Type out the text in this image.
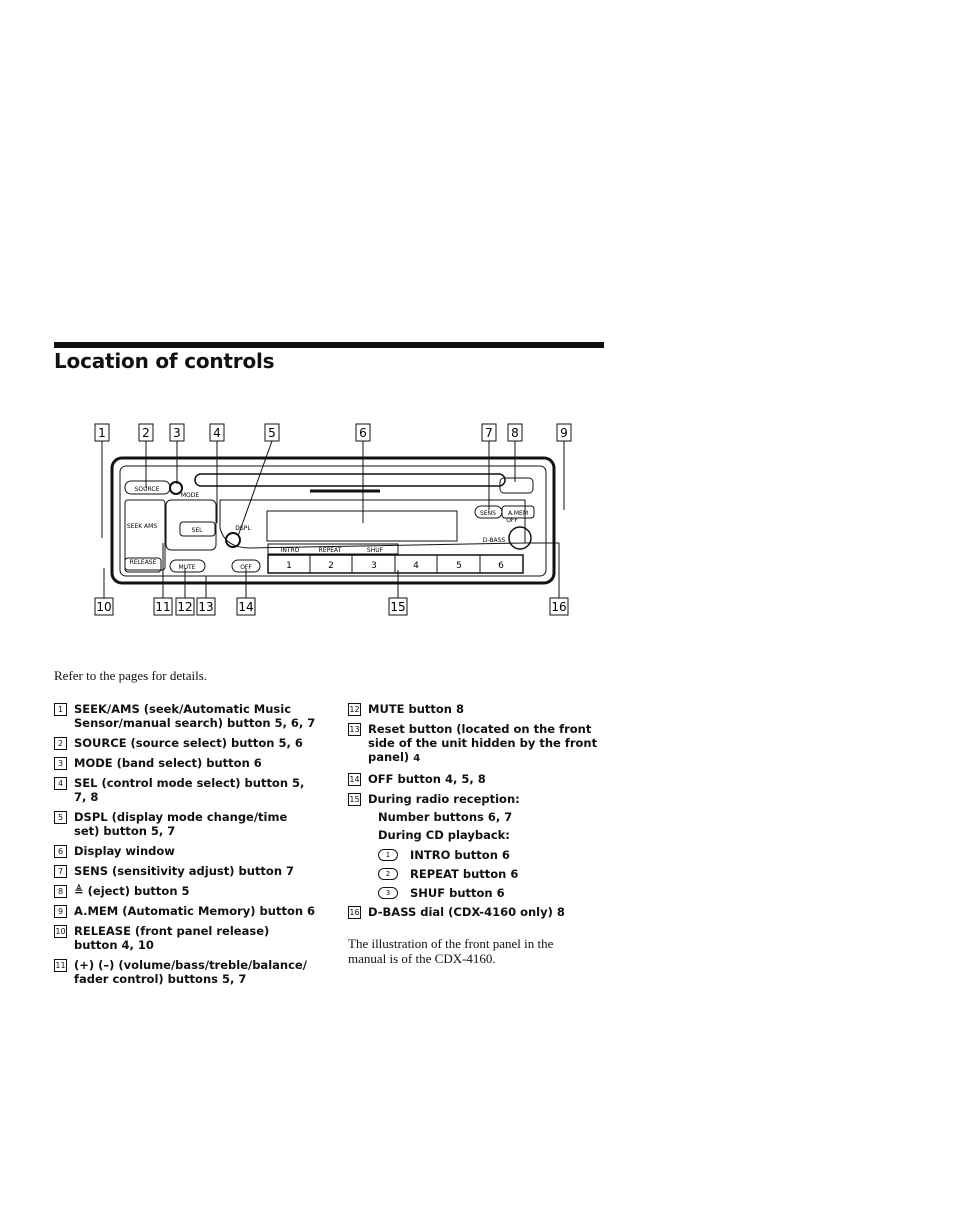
Location of controls
1	2 3	4	5	6	7 8	9
10	11 12 13 14	15	16
SOURCE
MODE
SEEK AMS
SEL	DSPL
SENS A.MEM
OFF
D-BASS
RELEASE
MUTE	OFF
INTRO	REPEAT	SHUF
1	2	3	4	5	6
Refer to the pages for details.
1 SEEK/AMS (seek/Automatic Music Sensor/manual search) button 5, 6, 7
2 SOURCE (source select) button 5, 6
3 MODE (band select) button 6
4 SEL (control mode select) button 5, 7, 8
5 DSPL (display mode change/time set) button 5, 7
6 Display window
7 SENS (sensitivity adjust) button 7
8 ≜ (eject) button 5
9 A.MEM (Automatic Memory) button 6
10 RELEASE (front panel release) button 4, 10
11 (+) (–) (volume/bass/treble/balance/ fader control) buttons 5, 7
12 MUTE button 8
13 Reset button (located on the front side of the unit hidden by the front panel) 4
14 OFF button 4, 5, 8
15 During radio reception:
Number buttons 6, 7
During CD playback:
1	INTRO button 6
2	REPEAT button 6
3	SHUF button 6
16 D-BASS dial (CDX-4160 only) 8
The illustration of the front panel in the manual is of the CDX-4160.
